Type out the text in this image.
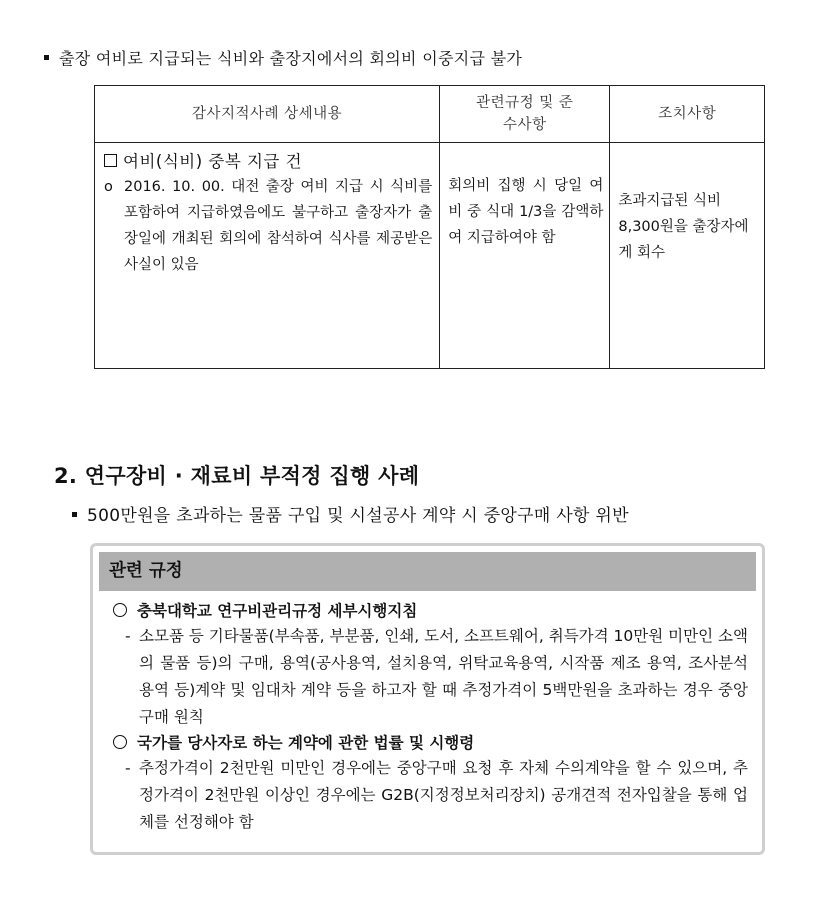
출장 여비로 지급되는 식비와 출장지에서의 회의비 이중지급 불가
감사지적사례 상세내용	관련규정 및 준수사항	조치사항

여비(식비) 중복 지급 건
o 2016. 10. 00. 대전 출장 여비 지급 시 식비를 포함하여 지급하였음에도 불구하고 출장자가 출장일에 개최된 회의에 참석하여 식사를 제공받은 사실이 있음	회의비 집행 시 당일 여비 중 식대 1/3을 감액하여 지급하여야 함	초과지급된 식비 8,300원을 출장자에게 회수
2. 연구장비 · 재료비 부적정 집행 사례
500만원을 초과하는 물품 구입 및 시설공사 계약 시 중앙구매 사항 위반
관련 규정
충북대학교 연구비관리규정 세부시행지침
- 소모품 등 기타물품(부속품, 부분품, 인쇄, 도서, 소프트웨어, 취득가격 10만원 미만인 소액의 물품 등)의 구매, 용역(공사용역, 설치용역, 위탁교육용역, 시작품 제조 용역, 조사분석용역 등)계약 및 임대차 계약 등을 하고자 할 때 추정가격이 5백만원을 초과하는 경우 중앙구매 원칙
국가를 당사자로 하는 계약에 관한 법률 및 시행령
- 추정가격이 2천만원 미만인 경우에는 중앙구매 요청 후 자체 수의계약을 할 수 있으며, 추정가격이 2천만원 이상인 경우에는 G2B(지정정보처리장치) 공개견적 전자입찰을 통해 업체를 선정해야 함
